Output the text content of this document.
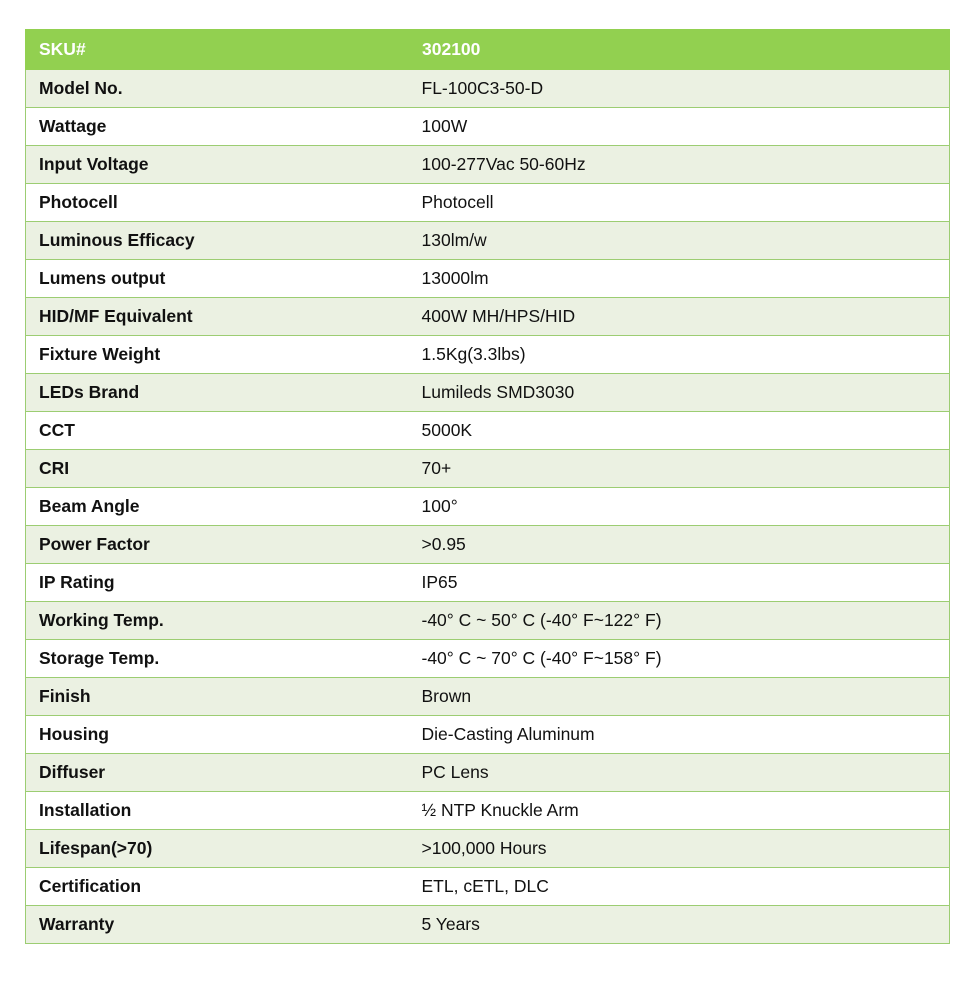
SKU#	302100
Model No.	FL-100C3-50-D
Wattage	100W
Input Voltage	100-277Vac 50-60Hz
Photocell	Photocell
Luminous Efficacy	130lm/w
Lumens output	13000lm
HID/MF Equivalent	400W MH/HPS/HID
Fixture Weight	1.5Kg(3.3lbs)
LEDs Brand	Lumileds SMD3030
CCT	5000K
CRI	70+
Beam Angle	100°
Power Factor	>0.95
IP Rating	IP65
Working Temp.	-40° C ~ 50° C (-40° F~122° F)
Storage Temp.	-40° C ~ 70° C (-40° F~158° F)
Finish	Brown
Housing	Die-Casting Aluminum
Diffuser	PC Lens
Installation	½ NTP Knuckle Arm
Lifespan(>70)	>100,000 Hours
Certification	ETL, cETL, DLC
Warranty	5 Years
